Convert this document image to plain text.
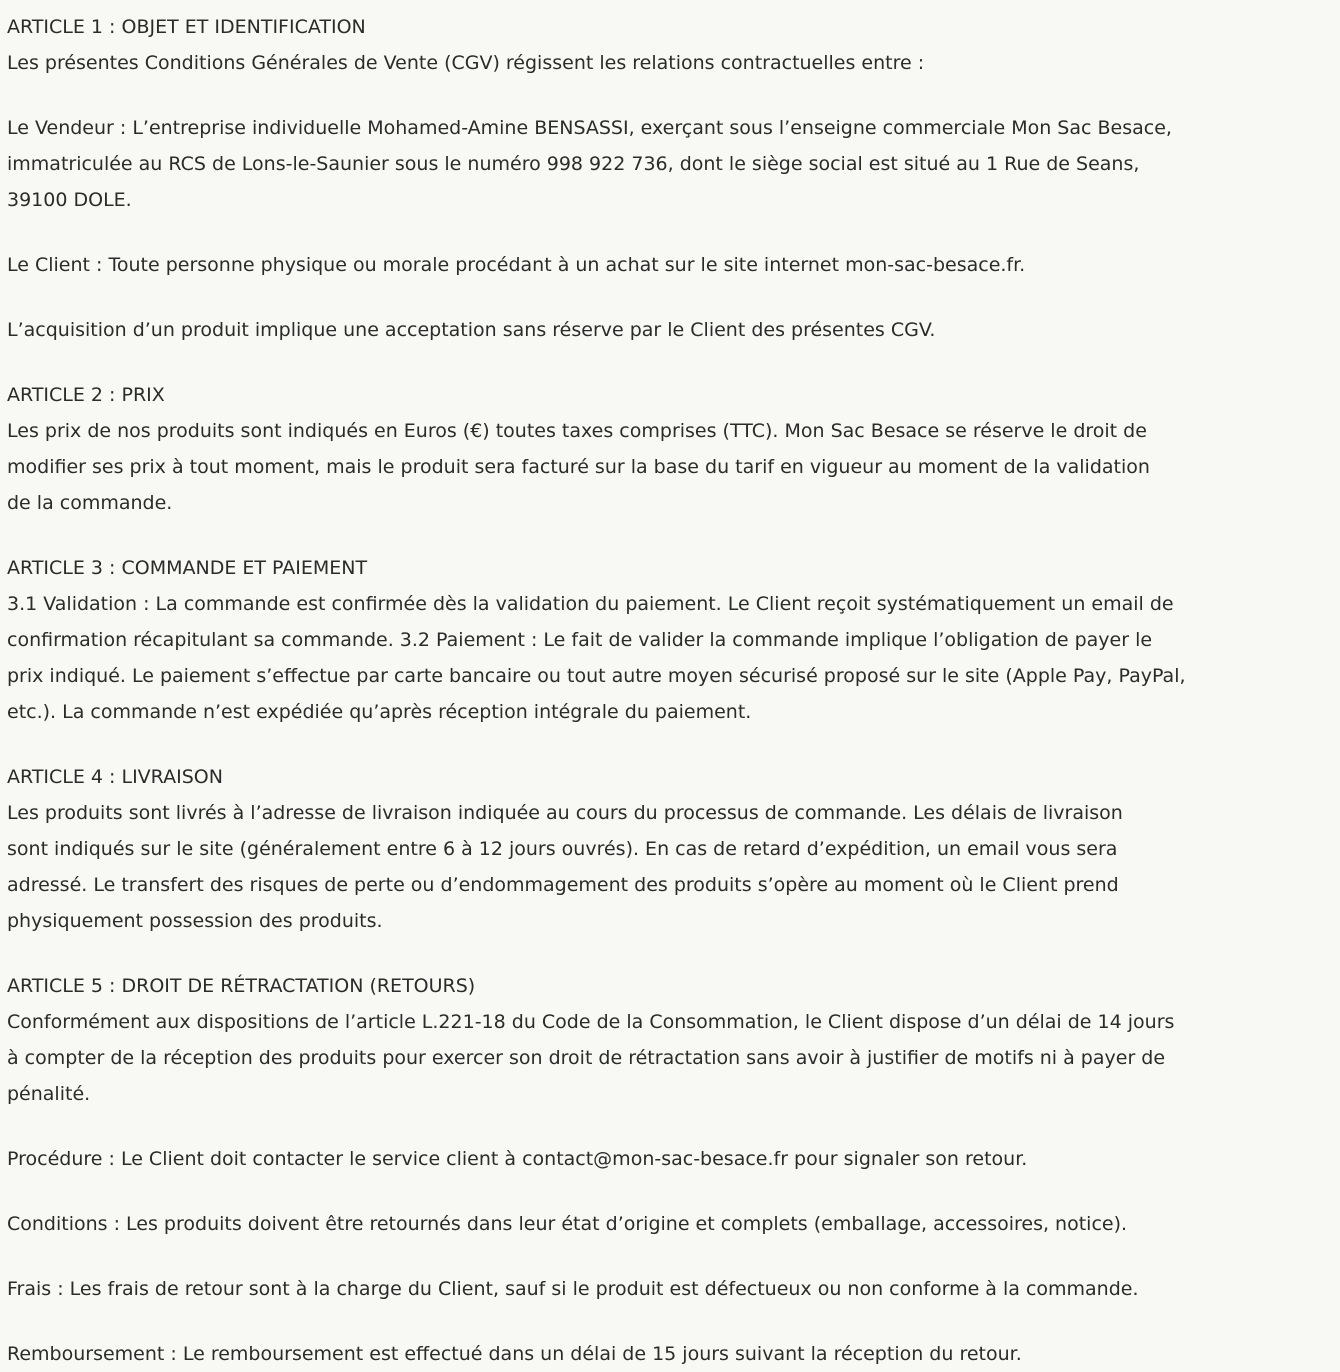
ARTICLE 1 : OBJET ET IDENTIFICATION

Les présentes Conditions Générales de Vente (CGV) régissent les relations contractuelles entre :

Le Vendeur : L’entreprise individuelle Mohamed-Amine BENSASSI, exerçant sous l’enseigne commerciale Mon Sac Besace,
immatriculée au RCS de Lons-le-Saunier sous le numéro 998 922 736, dont le siège social est situé au 1 Rue de Seans,
39100 DOLE.

Le Client : Toute personne physique ou morale procédant à un achat sur le site internet mon-sac-besace.fr.

L’acquisition d’un produit implique une acceptation sans réserve par le Client des présentes CGV.

ARTICLE 2 : PRIX
Les prix de nos produits sont indiqués en Euros (€) toutes taxes comprises (TTC). Mon Sac Besace se réserve le droit de
modifier ses prix à tout moment, mais le produit sera facturé sur la base du tarif en vigueur au moment de la validation
de la commande.
ARTICLE 3 : COMMANDE ET PAIEMENT
3.1 Validation : La commande est confirmée dès la validation du paiement. Le Client reçoit systématiquement un email de
confirmation récapitulant sa commande. 3.2 Paiement : Le fait de valider la commande implique l’obligation de payer le
prix indiqué. Le paiement s’effectue par carte bancaire ou tout autre moyen sécurisé proposé sur le site (Apple Pay, PayPal,
etc.). La commande n’est expédiée qu’après réception intégrale du paiement.
ARTICLE 4 : LIVRAISON
Les produits sont livrés à l’adresse de livraison indiquée au cours du processus de commande. Les délais de livraison
sont indiqués sur le site (généralement entre 6 à 12 jours ouvrés). En cas de retard d’expédition, un email vous sera
adressé. Le transfert des risques de perte ou d’endommagement des produits s’opère au moment où le Client prend
physiquement possession des produits.
ARTICLE 5 : DROIT DE RÉTRACTATION (RETOURS)
Conformément aux dispositions de l’article L.221-18 du Code de la Consommation, le Client dispose d’un délai de 14 jours
à compter de la réception des produits pour exercer son droit de rétractation sans avoir à justifier de motifs ni à payer de
pénalité.

Procédure : Le Client doit contacter le service client à contact@mon-sac-besace.fr pour signaler son retour.

Conditions : Les produits doivent être retournés dans leur état d’origine et complets (emballage, accessoires, notice).

Frais : Les frais de retour sont à la charge du Client, sauf si le produit est défectueux ou non conforme à la commande.

Remboursement : Le remboursement est effectué dans un délai de 15 jours suivant la réception du retour.
